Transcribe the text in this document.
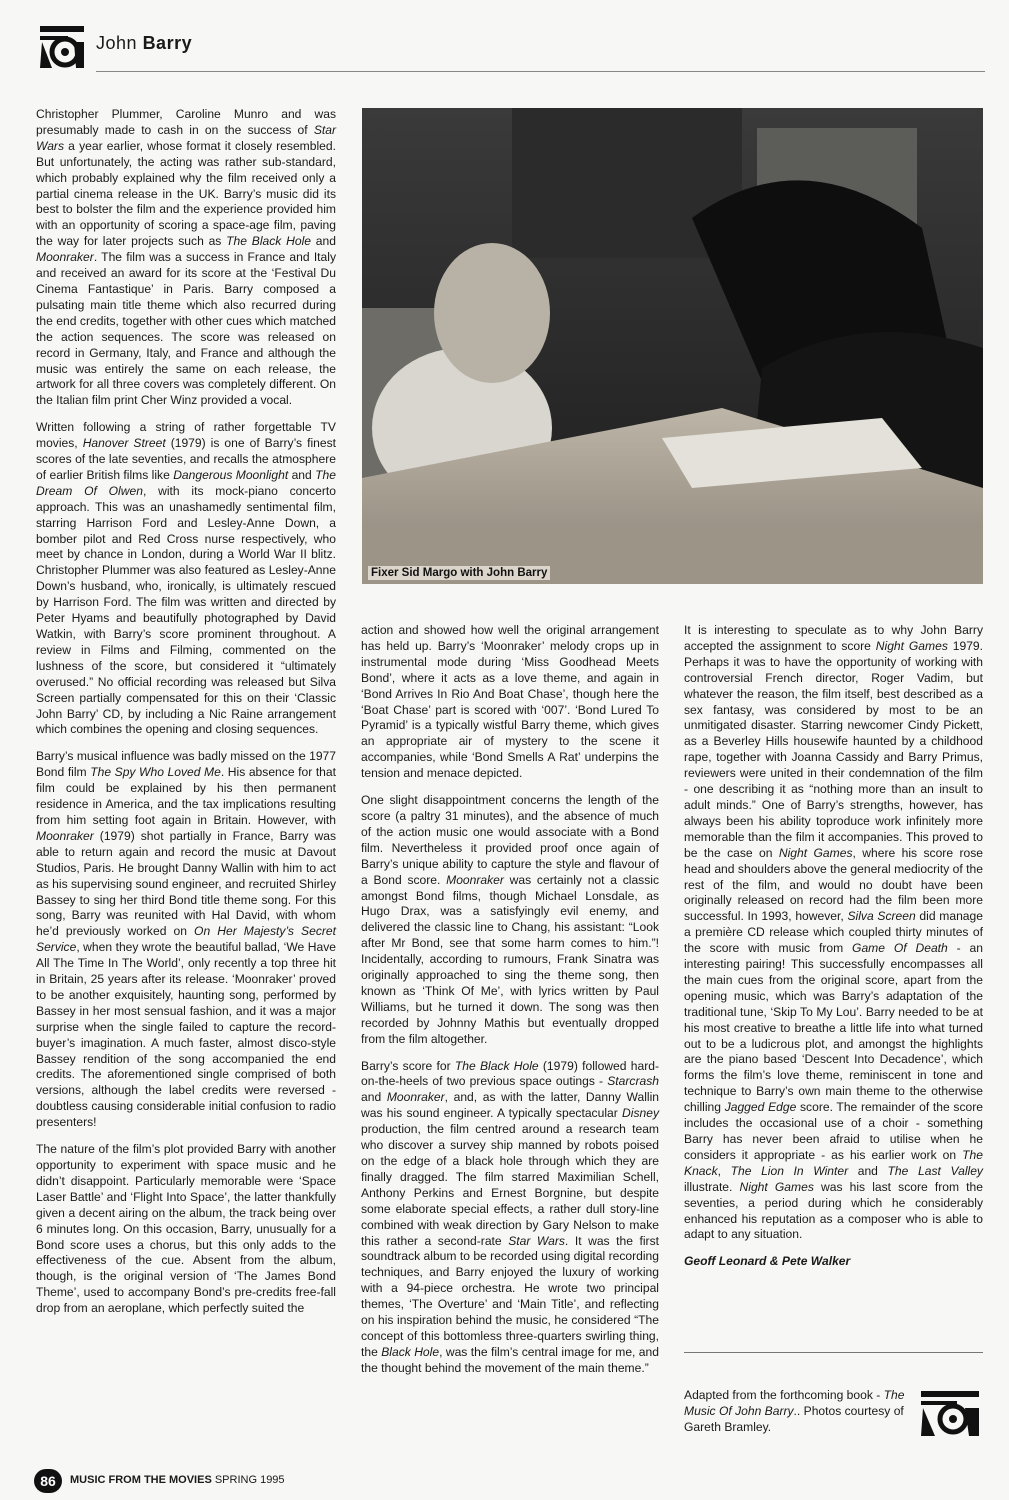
John Barry

Christopher Plummer, Caroline Munro and was presumably made to cash in on the success of Star Wars a year earlier, whose format it closely resembled. But unfortunately, the acting was rather sub-standard, which probably explained why the film received only a partial cinema release in the UK. Barry’s music did its best to bolster the film and the experience provided him with an opportunity of scoring a space-age film, paving the way for later projects such as The Black Hole and Moonraker. The film was a success in France and Italy and received an award for its score at the ‘Festival Du Cinema Fantastique’ in Paris. Barry composed a pulsating main title theme which also recurred during the end credits, together with other cues which matched the action sequences. The score was released on record in Germany, Italy, and France and although the music was entirely the same on each release, the artwork for all three covers was completely different. On the Italian film print Cher Winz provided a vocal.

Written following a string of rather forgettable TV movies, Hanover Street (1979) is one of Barry’s finest scores of the late seventies, and recalls the atmosphere of earlier British films like Dangerous Moonlight and The Dream Of Olwen, with its mock-piano concerto approach. This was an unashamedly sentimental film, starring Harrison Ford and Lesley-Anne Down, a bomber pilot and Red Cross nurse respectively, who meet by chance in London, during a World War II blitz. Christopher Plummer was also featured as Lesley-Anne Down’s husband, who, ironically, is ultimately rescued by Harrison Ford. The film was written and directed by Peter Hyams and beautifully photographed by David Watkin, with Barry’s score prominent throughout. A review in Films and Filming, commented on the lushness of the score, but considered it “ultimately overused.” No official recording was released but Silva Screen partially compensated for this on their ‘Classic John Barry’ CD, by including a Nic Raine arrangement which combines the opening and closing sequences.

Barry’s musical influence was badly missed on the 1977 Bond film The Spy Who Loved Me. His absence for that film could be explained by his then permanent residence in America, and the tax implications resulting from him setting foot again in Britain. However, with Moonraker (1979) shot partially in France, Barry was able to return again and record the music at Davout Studios, Paris. He brought Danny Wallin with him to act as his supervising sound engineer, and recruited Shirley Bassey to sing her third Bond title theme song. For this song, Barry was reunited with Hal David, with whom he’d previously worked on On Her Majesty’s Secret Service, when they wrote the beautiful ballad, ‘We Have All The Time In The World’, only recently a top three hit in Britain, 25 years after its release. ‘Moonraker’ proved to be another exquisitely, haunting song, performed by Bassey in her most sensual fashion, and it was a major surprise when the single failed to capture the record-buyer’s imagination. A much faster, almost disco-style Bassey rendition of the song accompanied the end credits. The aforementioned single comprised of both versions, although the label credits were reversed - doubtless causing considerable initial confusion to radio presenters!

The nature of the film’s plot provided Barry with another opportunity to experiment with space music and he didn’t disappoint. Particularly memorable were ‘Space Laser Battle’ and ‘Flight Into Space’, the latter thankfully given a decent airing on the album, the track being over 6 minutes long. On this occasion, Barry, unusually for a Bond score uses a chorus, but this only adds to the effectiveness of the cue. Absent from the album, though, is the original version of ‘The James Bond Theme’, used to accompany Bond’s pre-credits free-fall drop from an aeroplane, which perfectly suited the

Fixer Sid Margo with John Barry

action and showed how well the original arrangement has held up. Barry’s ‘Moonraker’ melody crops up in instrumental mode during ‘Miss Goodhead Meets Bond’, where it acts as a love theme, and again in ‘Bond Arrives In Rio And Boat Chase’, though here the ‘Boat Chase’ part is scored with ‘007’. ‘Bond Lured To Pyramid’ is a typically wistful Barry theme, which gives an appropriate air of mystery to the scene it accompanies, while ‘Bond Smells A Rat’ underpins the tension and menace depicted.

One slight disappointment concerns the length of the score (a paltry 31 minutes), and the absence of much of the action music one would associate with a Bond film. Nevertheless it provided proof once again of Barry’s unique ability to capture the style and flavour of a Bond score. Moonraker was certainly not a classic amongst Bond films, though Michael Lonsdale, as Hugo Drax, was a satisfyingly evil enemy, and delivered the classic line to Chang, his assistant: “Look after Mr Bond, see that some harm comes to him.”! Incidentally, according to rumours, Frank Sinatra was originally approached to sing the theme song, then known as ‘Think Of Me’, with lyrics written by Paul Williams, but he turned it down. The song was then recorded by Johnny Mathis but eventually dropped from the film altogether.

Barry’s score for The Black Hole (1979) followed hard-on-the-heels of two previous space outings - Starcrash and Moonraker, and, as with the latter, Danny Wallin was his sound engineer. A typically spectacular Disney production, the film centred around a research team who discover a survey ship manned by robots poised on the edge of a black hole through which they are finally dragged. The film starred Maximilian Schell, Anthony Perkins and Ernest Borgnine, but despite some elaborate special effects, a rather dull story-line combined with weak direction by Gary Nelson to make this rather a second-rate Star Wars. It was the first soundtrack album to be recorded using digital recording techniques, and Barry enjoyed the luxury of working with a 94-piece orchestra. He wrote two principal themes, ‘The Overture’ and ‘Main Title’, and reflecting on his inspiration behind the music, he considered “The concept of this bottomless three-quarters swirling thing, the Black Hole, was the film’s central image for me, and the thought behind the movement of the main theme.”

It is interesting to speculate as to why John Barry accepted the assignment to score Night Games 1979. Perhaps it was to have the opportunity of working with controversial French director, Roger Vadim, but whatever the reason, the film itself, best described as a sex fantasy, was considered by most to be an unmitigated disaster. Starring newcomer Cindy Pickett, as a Beverley Hills housewife haunted by a childhood rape, together with Joanna Cassidy and Barry Primus, reviewers were united in their condemnation of the film - one describing it as “nothing more than an insult to adult minds.” One of Barry’s strengths, however, has always been his ability toproduce work infinitely more memorable than the film it accompanies. This proved to be the case on Night Games, where his score rose head and shoulders above the general mediocrity of the rest of the film, and would no doubt have been originally released on record had the film been more successful. In 1993, however, Silva Screen did manage a première CD release which coupled thirty minutes of the score with music from Game Of Death - an interesting pairing! This successfully encompasses all the main cues from the original score, apart from the opening music, which was Barry’s adaptation of the traditional tune, ‘Skip To My Lou’. Barry needed to be at his most creative to breathe a little life into what turned out to be a ludicrous plot, and amongst the highlights are the piano based ‘Descent Into Decadence’, which forms the film’s love theme, reminiscent in tone and technique to Barry’s own main theme to the otherwise chilling Jagged Edge score. The remainder of the score includes the occasional use of a choir - something Barry has never been afraid to utilise when he considers it appropriate - as his earlier work on The Knack, The Lion In Winter and The Last Valley illustrate. Night Games was his last score from the seventies, a period during which he considerably enhanced his reputation as a composer who is able to adapt to any situation.

Geoff Leonard & Pete Walker

Adapted from the forthcoming book - The Music Of John Barry.. Photos courtesy of Gareth Bramley.
86	MUSIC FROM THE MOVIES SPRING 1995
